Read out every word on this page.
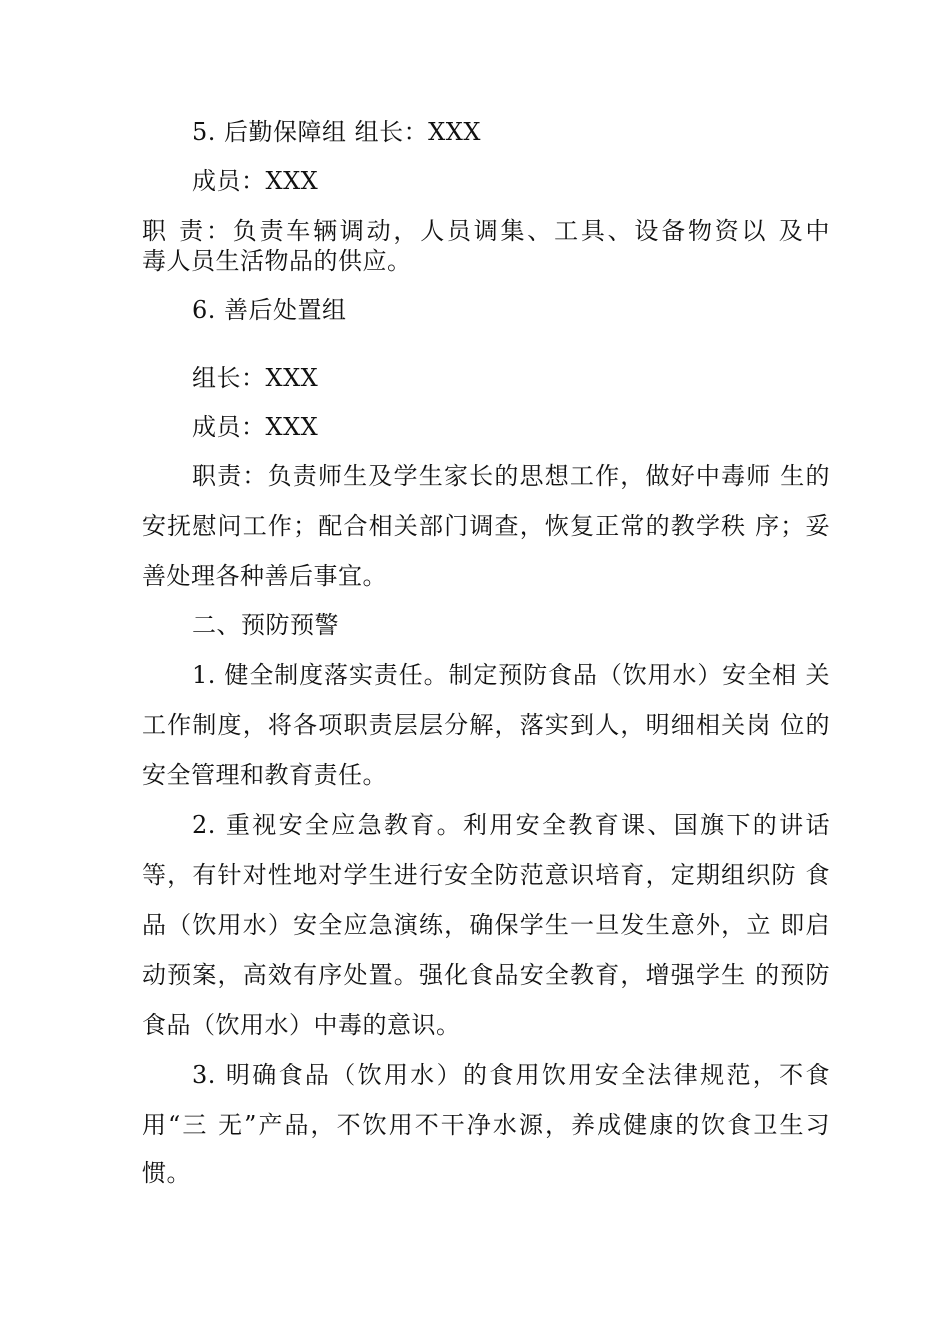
5. 后勤保障组 组长：XXX
成员：XXX
职 责：负责车辆调动，人员调集、工具、设备物资以 及中
毒人员生活物品的供应。
6. 善后处置组
组长：XXX
成员：XXX
职责：负责师生及学生家长的思想工作，做好中毒师 生的
安抚慰问工作；配合相关部门调查，恢复正常的教学秩 序；妥
善处理各种善后事宜。
二、预防预警
1. 健全制度落实责任。制定预防食品（饮用水）安全相 关
工作制度，将各项职责层层分解，落实到人，明细相关岗 位的
安全管理和教育责任。
2. 重视安全应急教育。利用安全教育课、国旗下的讲话
等，有针对性地对学生进行安全防范意识培育，定期组织防 食
品（饮用水）安全应急演练，确保学生一旦发生意外，立 即启
动预案，高效有序处置。强化食品安全教育，增强学生 的预防
食品（饮用水）中毒的意识。
3. 明确食品（饮用水）的食用饮用安全法律规范，不食
用“三 无”产品，不饮用不干净水源，养成健康的饮食卫生习
惯。
